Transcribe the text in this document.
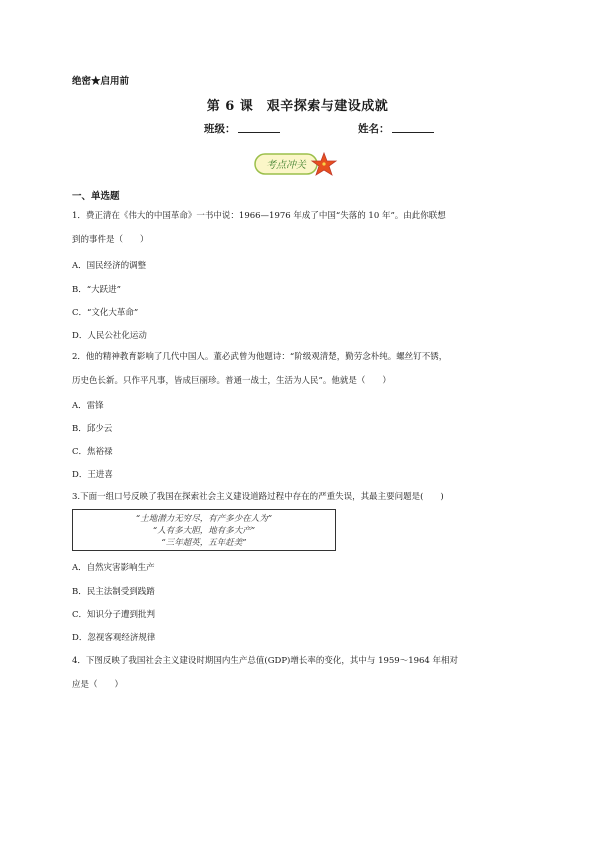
绝密★启用前
第 6 课　艰辛探索与建设成就
班级：	姓名：
考点冲关
一、单选题
1．费正清在《伟大的中国革命》一书中说：1966—1976 年成了中国“失落的 10 年”。由此你联想
到的事件是（　　）
A．国民经济的调整
B．“大跃进”
C．“文化大革命”
D．人民公社化运动
2．他的精神教育影响了几代中国人。董必武曾为他题诗：“阶级观清楚，勤劳念朴纯。螺丝钉不锈，
历史色长新。只作平凡事，皆成巨丽珍。普通一战士，生活为人民”。他就是（　　）
A．雷锋
B．邱少云
C．焦裕禄
D．王进喜
3.下面一组口号反映了我国在探索社会主义建设道路过程中存在的严重失误，其最主要问题是(　　)
“土地潜力无穷尽，有产多少在人为”
“人有多大胆，地有多大产”
“三年超英，五年赶美”
A．自然灾害影响生产
B．民主法制受到践踏
C．知识分子遭到批判
D．忽视客观经济规律
4．下图反映了我国社会主义建设时期国内生产总值(GDP)增长率的变化，其中与 1959～1964 年相对
应是（　　）
